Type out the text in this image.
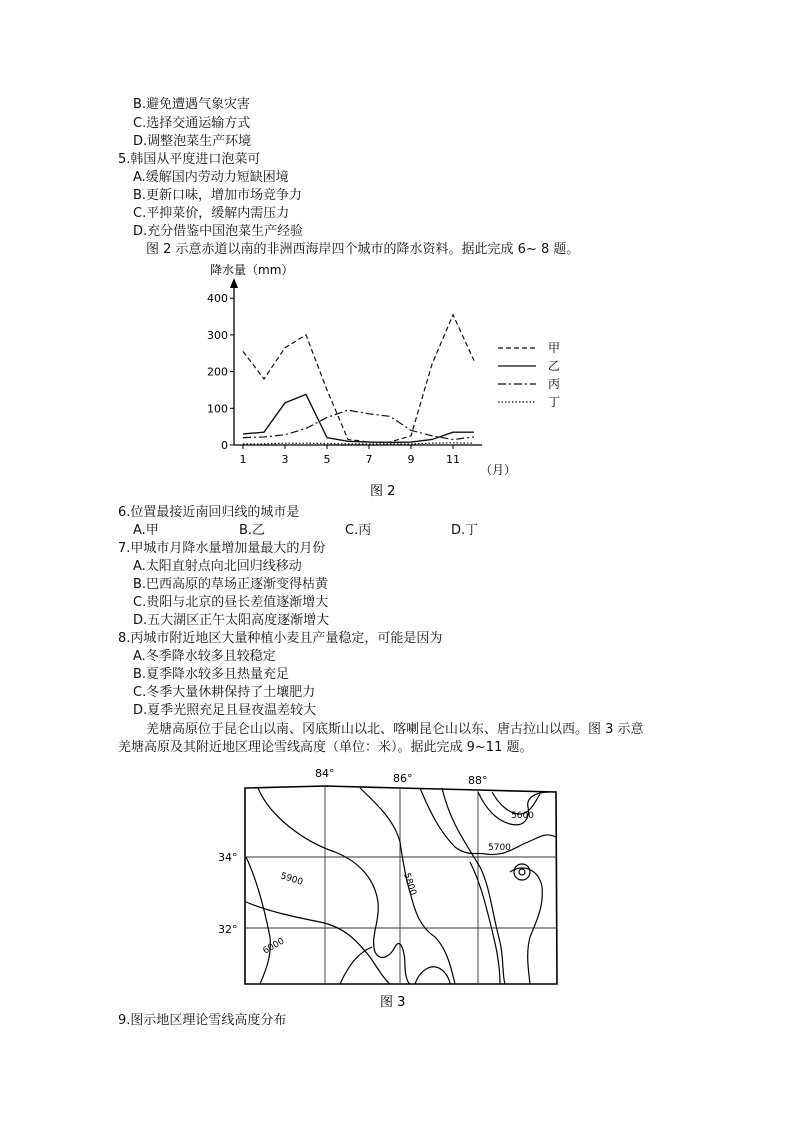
B.避免遭遇气象灾害
C.选择交通运输方式
D.调整泡菜生产环境
5.韩国从平度进口泡菜可
A.缓解国内劳动力短缺困境
B.更新口味，增加市场竞争力
C.平抑菜价，缓解内需压力
D.充分借鉴中国泡菜生产经验
图 2 示意赤道以南的非洲西海岸四个城市的降水资料。据此完成 6~ 8 题。
降水量（mm）
0
100
200
300
400
1	3	5	7	9	11
（月）
甲
乙
丙
丁
图 2
6.位置最接近南回归线的城市是
A.甲	B.乙	C.丙	D.丁
7.甲城市月降水量增加量最大的月份
A.太阳直射点向北回归线移动
B.巴西高原的草场正逐渐变得枯黄
C.贵阳与北京的昼长差值逐渐增大
D.五大湖区正午太阳高度逐渐增大
8.丙城市附近地区大量种植小麦且产量稳定，可能是因为
A.冬季降水较多且较稳定
B.夏季降水较多且热量充足
C.冬季大量休耕保持了土壤肥力
D.夏季光照充足且昼夜温差较大
羌塘高原位于昆仑山以南、冈底斯山以北、喀喇昆仑山以东、唐古拉山以西。图 3 示意
羌塘高原及其附近地区理论雪线高度（单位：米）。据此完成 9~11 题。
84°	86°	88°
34°
32°
5600
5700
5800
5900
6000
图 3
9.图示地区理论雪线高度分布
